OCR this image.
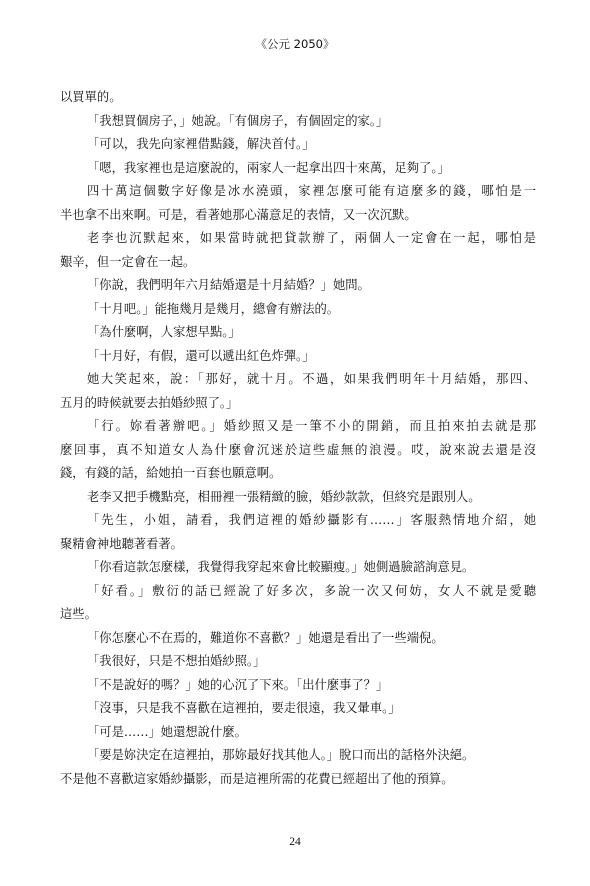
《公元 2050》
以買單的。
「我想買個房子，」她說。「有個房子，有個固定的家。」
「可以，我先向家裡借點錢，解決首付。」
「嗯，我家裡也是這麼說的，兩家人一起拿出四十來萬，足夠了。」
四十萬這個數字好像是冰水澆頭，家裡怎麼可能有這麼多的錢，哪怕是一
半也拿不出來啊。可是，看著她那心滿意足的表情，又一次沉默。
老李也沉默起來，如果當時就把貸款辦了，兩個人一定會在一起，哪怕是
艱辛，但一定會在一起。
「你說，我們明年六月結婚還是十月結婚？」她問。
「十月吧。」能拖幾月是幾月，總會有辦法的。
「為什麼啊，人家想早點。」
「十月好，有假，還可以遞出紅色炸彈。」
她大笑起來，說：「那好，就十月。不過，如果我們明年十月結婚，那四、
五月的時候就要去拍婚紗照了。」
「行。妳看著辦吧。」婚紗照又是一筆不小的開銷，而且拍來拍去就是那
麼回事，真不知道女人為什麼會沉迷於這些虛無的浪漫。哎，說來說去還是沒
錢，有錢的話，給她拍一百套也願意啊。
老李又把手機點亮，相冊裡一張精緻的臉，婚紗款款，但終究是跟別人。
「先生，小姐，請看，我們這裡的婚紗攝影有……」客服熱情地介紹，她
聚精會神地聽著看著。
「你看這款怎麼樣，我覺得我穿起來會比較顯瘦。」她側過臉諮詢意見。
「好看。」敷衍的話已經說了好多次，多說一次又何妨，女人不就是愛聽
這些。
「你怎麼心不在焉的，難道你不喜歡？」她還是看出了一些端倪。
「我很好，只是不想拍婚紗照。」
「不是說好的嗎？」她的心沉了下來。「出什麼事了？」
「沒事，只是我不喜歡在這裡拍，要走很遠，我又暈車。」
「可是……」她還想說什麼。
「要是妳決定在這裡拍，那妳最好找其他人。」脫口而出的話格外決絕。
不是他不喜歡這家婚紗攝影，而是這裡所需的花費已經超出了他的預算。
24
